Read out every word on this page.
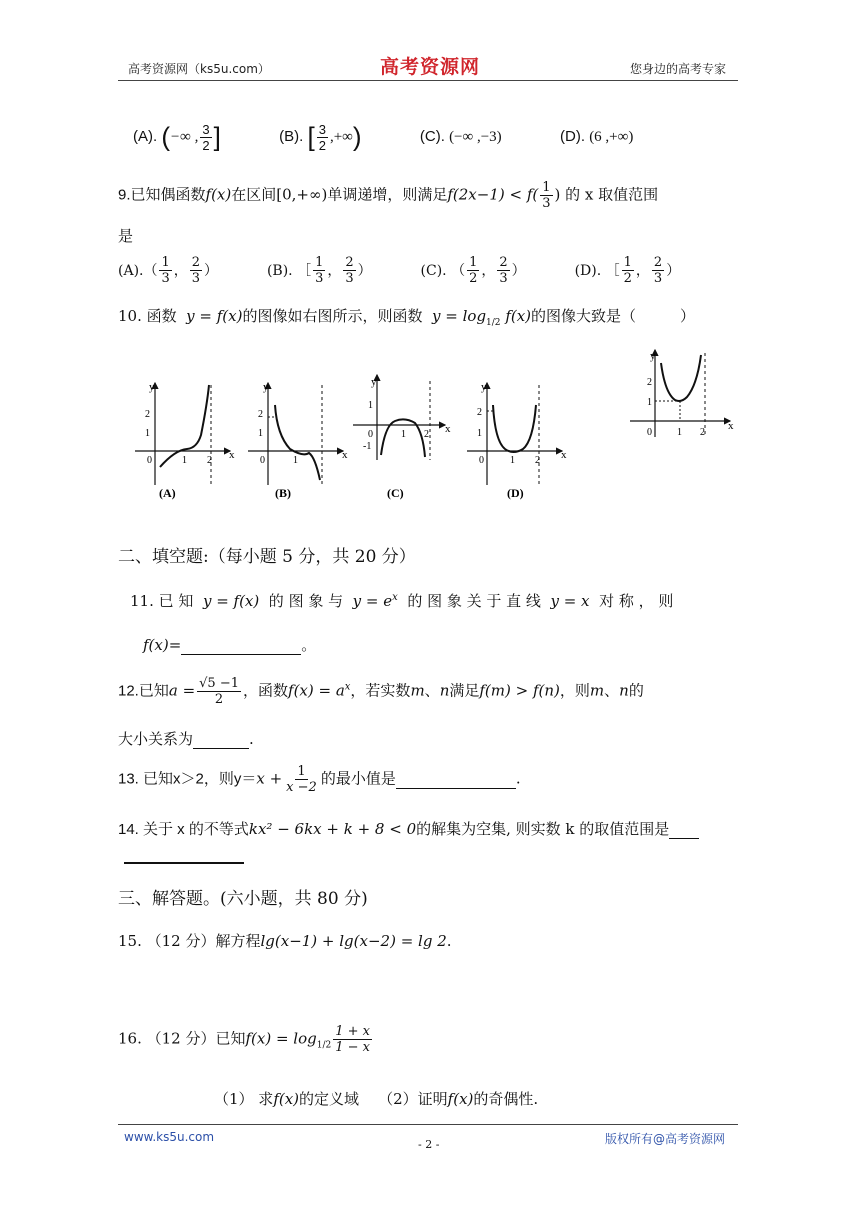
高考资源网（ks5u.com）	高考资源网	您身边的高考专家
(A). (−∞ , $\frac{3}{2}$ ]	(B). [ $\frac{3}{2}$ ,+∞)	(C). (−∞ ,−3)	(D). (6 ,+∞)
9.已知偶函数f(x)在区间[0,+∞)单调递增，则满足$f(2x-1) < f( \frac{1}{3}$ ) 的 x 取值范围
是
$(A).( \frac{1}{3}$ ， $\frac{2}{3}$ ）	(B). ［ $\frac{1}{3}$ ， $\frac{2}{3}$ ）	(C). （ $\frac{1}{2}$ ， $\frac{2}{3}$ ）	(D). ［ $\frac{1}{2}$ ， $\frac{2}{3}$ ）
10. 函数 y = f(x)的图像如右图所示，则函数 $y = \log_{1/2} f(x)$的图像大致是（	）
y
x
0	1 2
2
1
(A)
y
x
0	1
2
1
(B)
y
x
0	1 2
1
-1
(C)
y
x
0	1 2
2
1
(D)
y
x
0	1 2
2
1
二、填空题:（每小题 5 分，共 20 分）
11. 已 知 y = f(x) 的 图 象 与 $y = e^x$ 的 图 象 关 于 直 线 y = x 对 称 ， 则
f(x)=	。
12.已知$a = \frac{√5 -1}{2}$ ，函数$f(x) = a^x$，若实数m、n满足f(m) > f(n)，则m、n的
大小关系为	.
13. 已知x＞2，则$y=x + \frac{1}{x -2}$ 的最小值是	.
14. 关于 x 的不等式kx² − 6kx + k + 8 < 0的解集为空集, 则实数 k 的取值范围是
三、解答题。(六小题，共 80 分)
15. （12 分）解方程lg(x−1) + lg(x−2) = lg 2.
16. （12 分）已知$f(x) = \log_{1/2} \frac{1 + x}{1 - x}$
（1） 求f(x)的定义域 （2）证明f(x)的奇偶性.
www.ks5u.com
- 2 -	版权所有@高考资源网
